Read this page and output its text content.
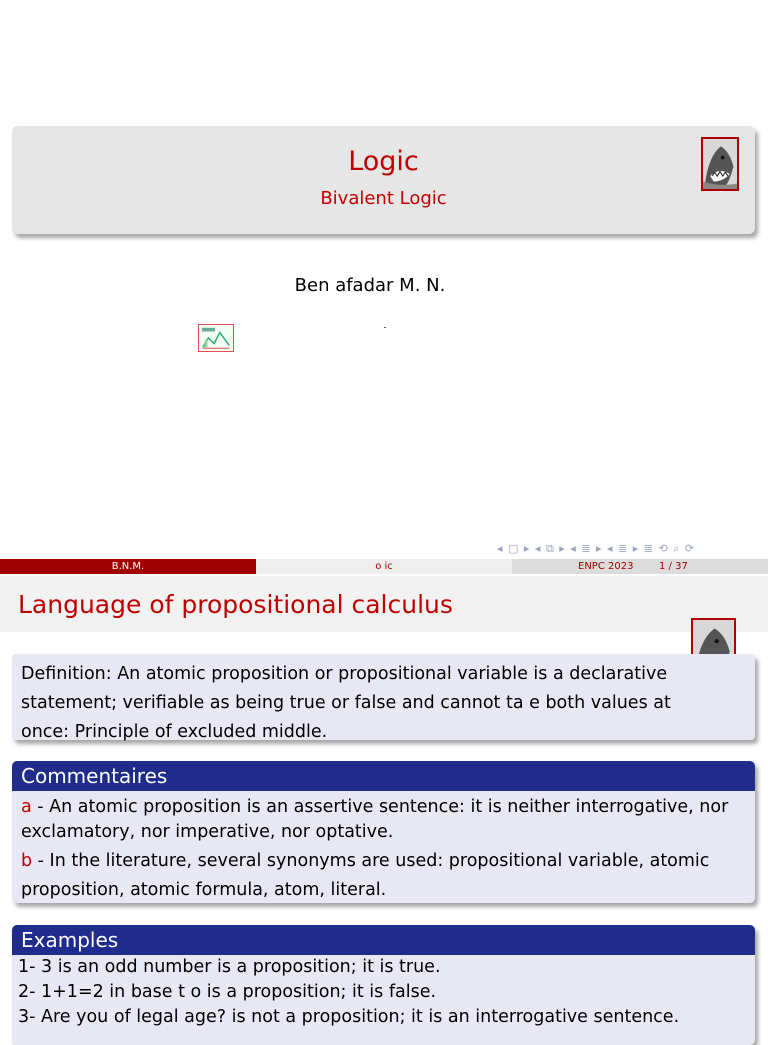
Logic
Bivalent Logic
Ben afadar M. N.
◂ ▢ ▸ ◂ ⧉ ▸ ◂ ≣ ▸ ◂ ≣ ▸ ≣ ⟲ ⌕ ⟳
B.N.M.	o ic	ENPC 2023	1 / 37
Language of propositional calculus

Definition: An atomic proposition or propositional variable is a declarative statement; verifiable as being true or false and cannot ta e both values at once: Principle of excluded middle.

Commentaires

a - An atomic proposition is an assertive sentence: it is neither interrogative, nor exclamatory, nor imperative, nor optative.

b - In the literature, several synonyms are used: propositional variable, atomic proposition, atomic formula, atom, literal.

Examples

1- 3 is an odd number is a proposition; it is true.

2- 1+1=2 in base t o is a proposition; it is false.

3- Are you of legal age? is not a proposition; it is an interrogative sentence.
